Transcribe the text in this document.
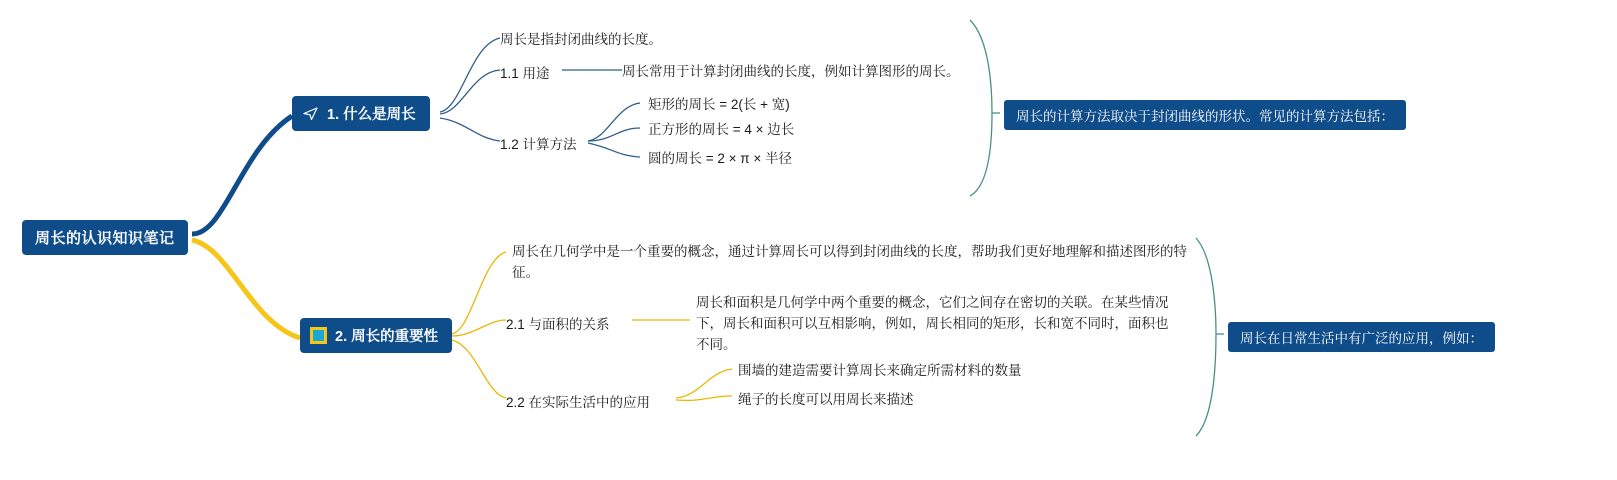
周长的认识知识笔记
1. 什么是周长
周长是指封闭曲线的长度。
1.1 用途	周长常用于计算封闭曲线的长度，例如计算图形的周长。
1.2 计算方法
矩形的周长 = 2(长 + 宽)
正方形的周长 = 4 × 边长
圆的周长 = 2 × π × 半径
周长的计算方法取决于封闭曲线的形状。常见的计算方法包括：
2. 周长的重要性
周长在几何学中是一个重要的概念，通过计算周长可以得到封闭曲线的长度，帮助我们更好地理解和描述图形的特征。
2.1 与面积的关系
周长和面积是几何学中两个重要的概念，它们之间存在密切的关联。在某些情况下，周长和面积可以互相影响，例如，周长相同的矩形，长和宽不同时，面积也不同。
2.2 在实际生活中的应用
围墙的建造需要计算周长来确定所需材料的数量
绳子的长度可以用周长来描述
周长在日常生活中有广泛的应用，例如：
